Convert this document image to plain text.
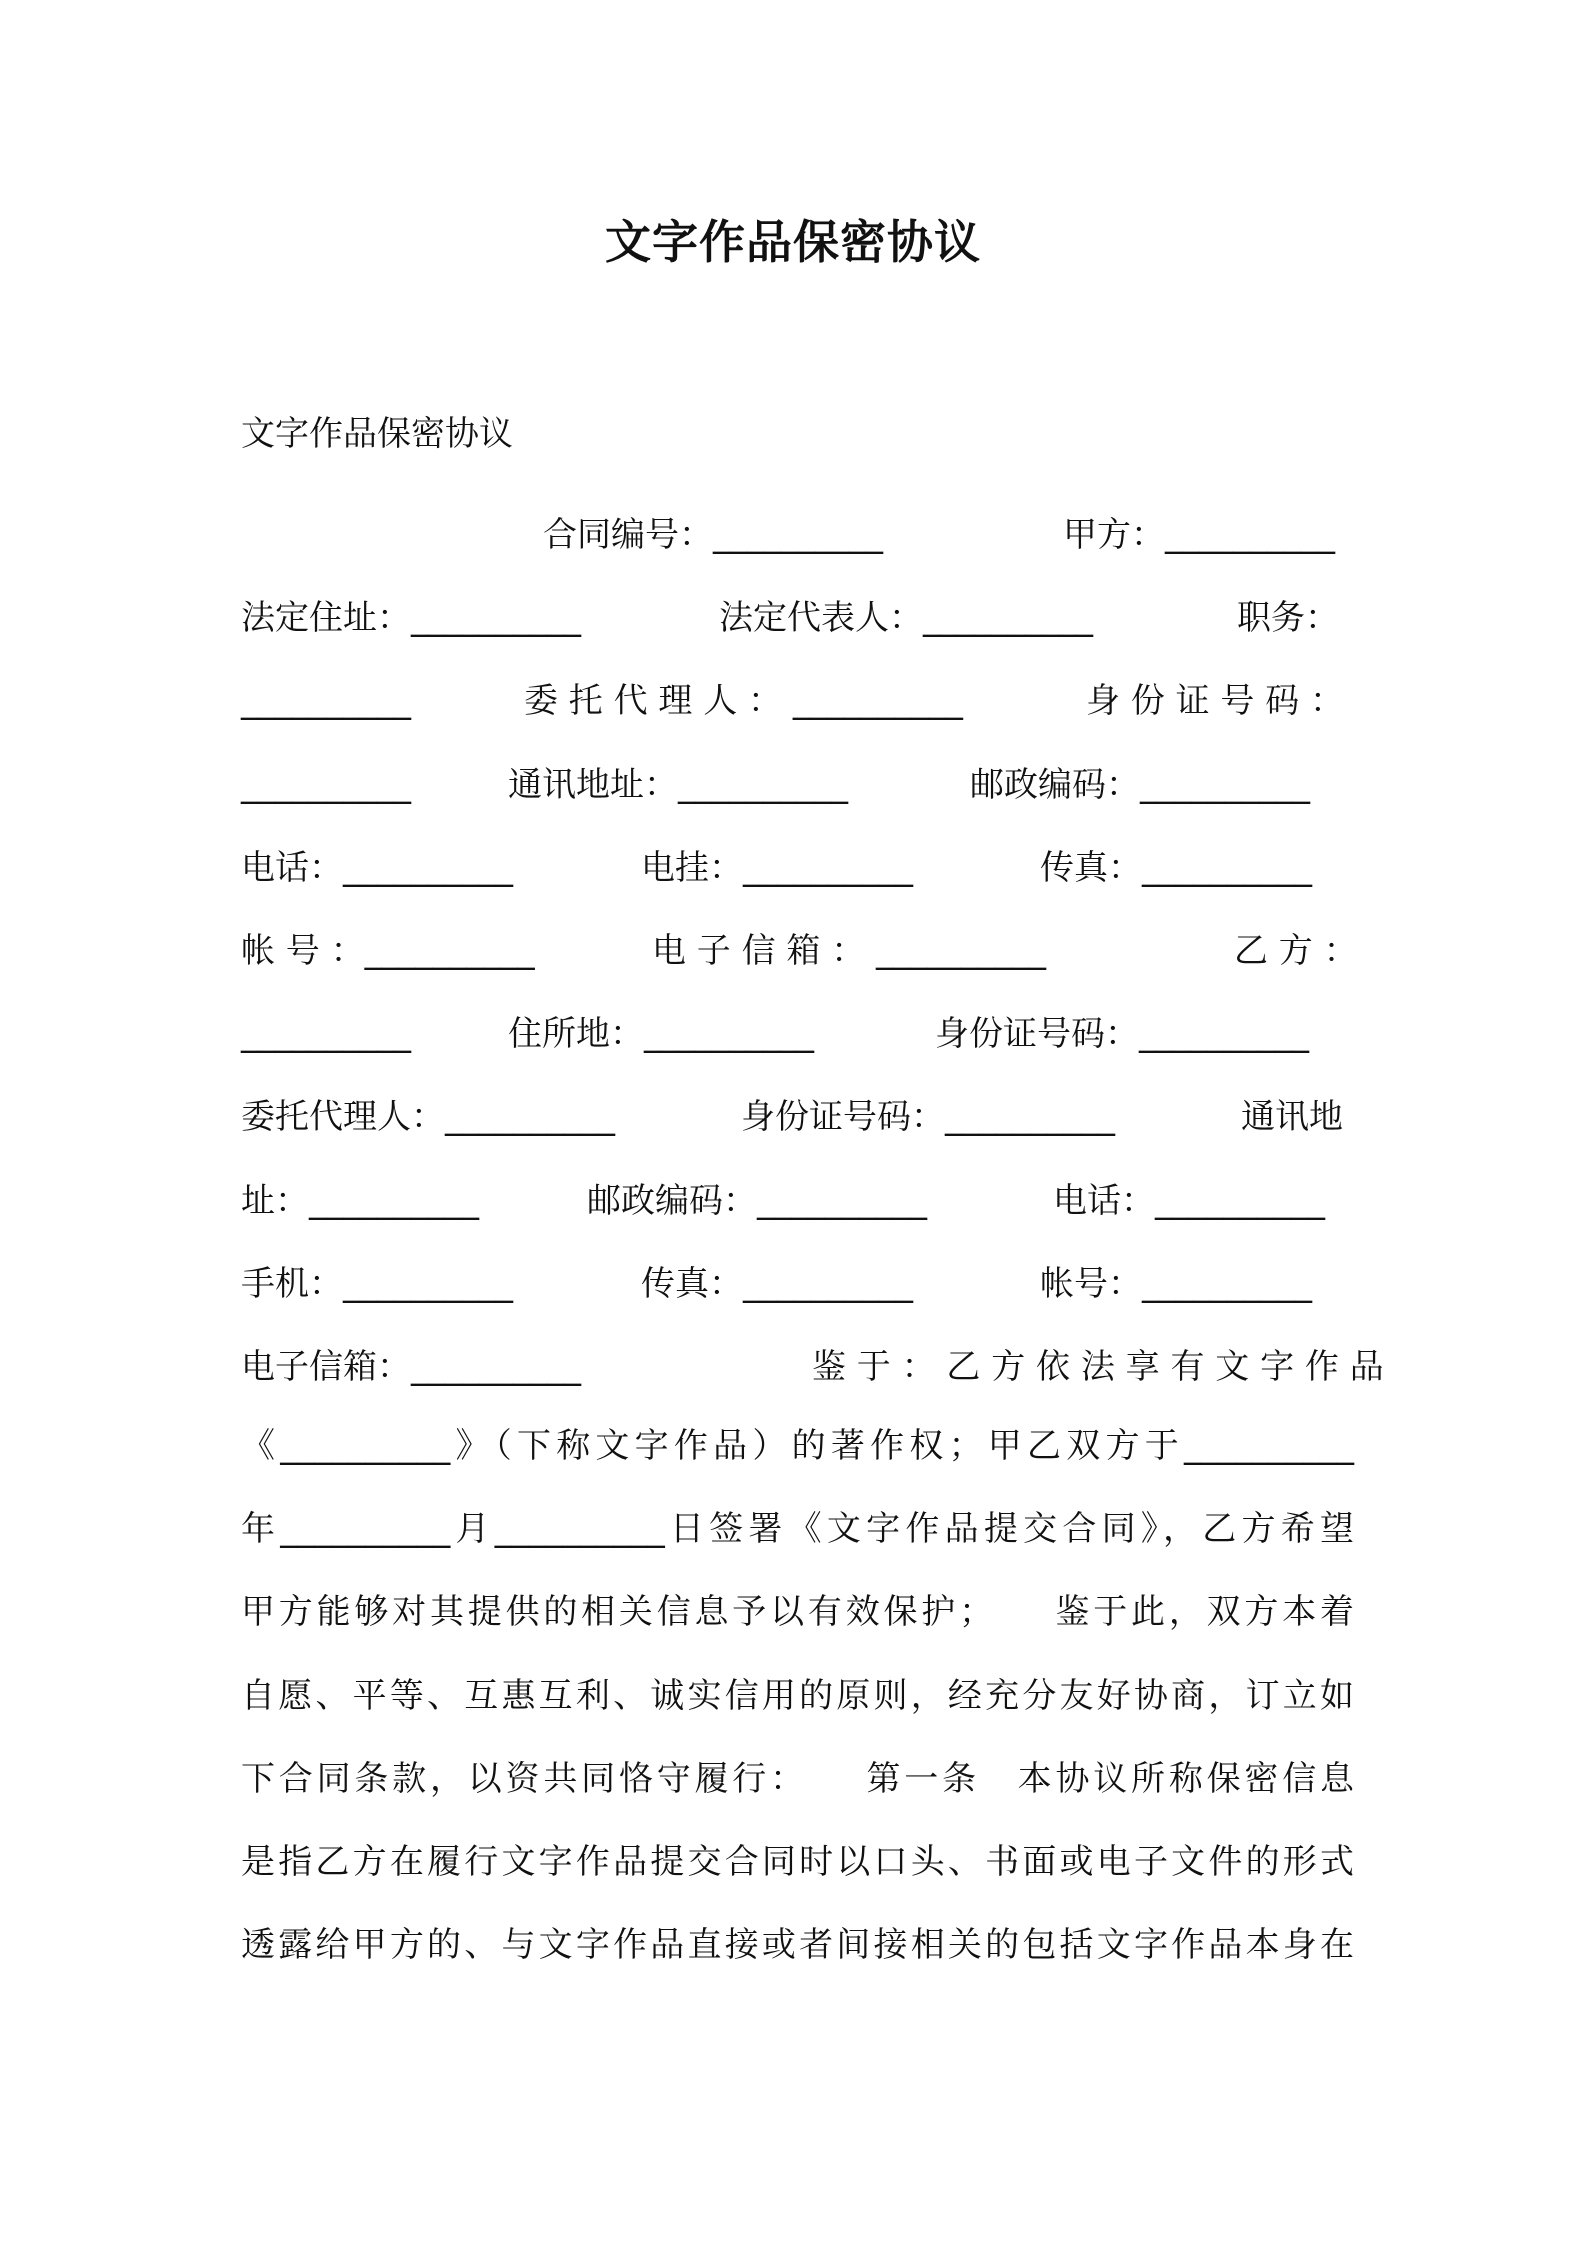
文字作品保密协议
文字作品保密协议
合同编号：__________	甲方：__________
法定住址：__________	法定代表人：__________	职务：
__________	委 托 代 理 人 ： __________	身 份 证 号 码 ：
__________	通讯地址：__________	邮政编码：__________
电话：__________	电挂：__________	传真：__________
帐 号 ：__________	电 子 信 箱 ： __________	乙 方 ：
__________	住所地：__________	身份证号码：__________
委托代理人：__________	身份证号码：__________	通讯地
址：__________	邮政编码：__________	电话：__________
手机：__________	传真：__________	帐号：__________
电子信箱：__________	鉴 于 ： 乙 方 依 法 享 有 文 字 作 品
《__________》（下称文字作品）的著作权；甲乙双方于__________
年__________月__________日签署《文字作品提交合同》，乙方希望
甲方能够对其提供的相关信息予以有效保护；　　鉴于此，双方本着
自愿、平等、互惠互利、诚实信用的原则，经充分友好协商，订立如
下合同条款，以资共同恪守履行：　　第一条　本协议所称保密信息
是指乙方在履行文字作品提交合同时以口头、书面或电子文件的形式
透露给甲方的、与文字作品直接或者间接相关的包括文字作品本身在
